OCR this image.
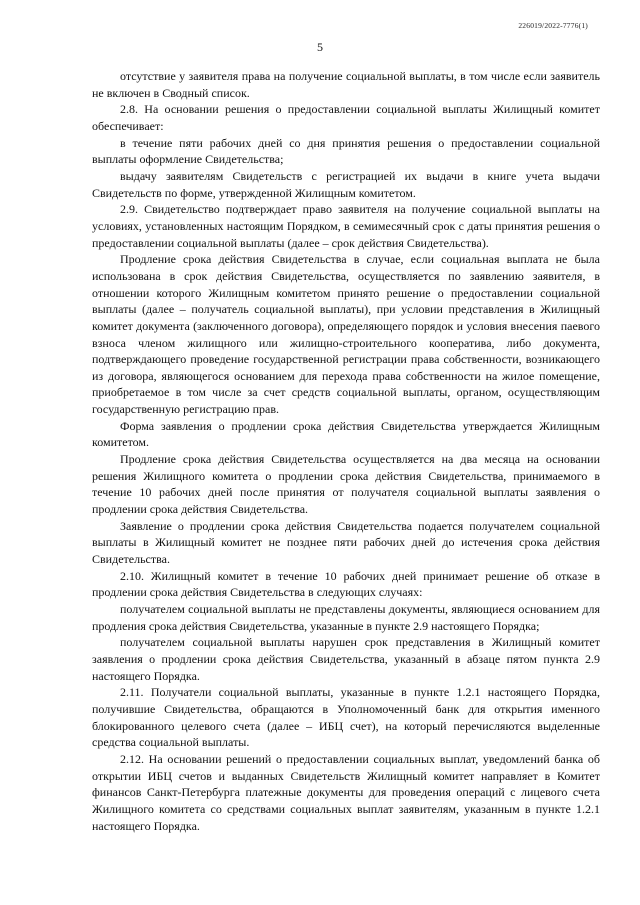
226019/2022-7776(1)
5

отсутствие у заявителя права на получение социальной выплаты, в том числе если заявитель не включен в Сводный список.

2.8. На основании решения о предоставлении социальной выплаты Жилищный комитет обеспечивает:

в течение пяти рабочих дней со дня принятия решения о предоставлении социальной выплаты оформление Свидетельства;

выдачу заявителям Свидетельств с регистрацией их выдачи в книге учета выдачи Свидетельств по форме, утвержденной Жилищным комитетом.

2.9. Свидетельство подтверждает право заявителя на получение социальной выплаты на условиях, установленных настоящим Порядком, в семимесячный срок с даты принятия решения о предоставлении социальной выплаты (далее – срок действия Свидетельства).

Продление срока действия Свидетельства в случае, если социальная выплата не была использована в срок действия Свидетельства, осуществляется по заявлению заявителя, в отношении которого Жилищным комитетом принято решение о предоставлении социальной выплаты (далее – получатель социальной выплаты), при условии представления в Жилищный комитет документа (заключенного договора), определяющего порядок и условия внесения паевого взноса членом жилищного или жилищно-строительного кооператива, либо документа, подтверждающего проведение государственной регистрации права собственности, возникающего из договора, являющегося основанием для перехода права собственности на жилое помещение, приобретаемое в том числе за счет средств социальной выплаты, органом, осуществляющим государственную регистрацию прав.

Форма заявления о продлении срока действия Свидетельства утверждается Жилищным комитетом.

Продление срока действия Свидетельства осуществляется на два месяца на основании решения Жилищного комитета о продлении срока действия Свидетельства, принимаемого в течение 10 рабочих дней после принятия от получателя социальной выплаты заявления о продлении срока действия Свидетельства.

Заявление о продлении срока действия Свидетельства подается получателем социальной выплаты в Жилищный комитет не позднее пяти рабочих дней до истечения срока действия Свидетельства.

2.10. Жилищный комитет в течение 10 рабочих дней принимает решение об отказе в продлении срока действия Свидетельства в следующих случаях:

получателем социальной выплаты не представлены документы, являющиеся основанием для продления срока действия Свидетельства, указанные в пункте 2.9 настоящего Порядка;

получателем социальной выплаты нарушен срок представления в Жилищный комитет заявления о продлении срока действия Свидетельства, указанный в абзаце пятом пункта 2.9 настоящего Порядка.

2.11. Получатели социальной выплаты, указанные в пункте 1.2.1 настоящего Порядка, получившие Свидетельства, обращаются в Уполномоченный банк для открытия именного блокированного целевого счета (далее – ИБЦ счет), на который перечисляются выделенные средства социальной выплаты.

2.12. На основании решений о предоставлении социальных выплат, уведомлений банка об открытии ИБЦ счетов и выданных Свидетельств Жилищный комитет направляет в Комитет финансов Санкт-Петербурга платежные документы для проведения операций с лицевого счета Жилищного комитета со средствами социальных выплат заявителям, указанным в пункте 1.2.1 настоящего Порядка.
